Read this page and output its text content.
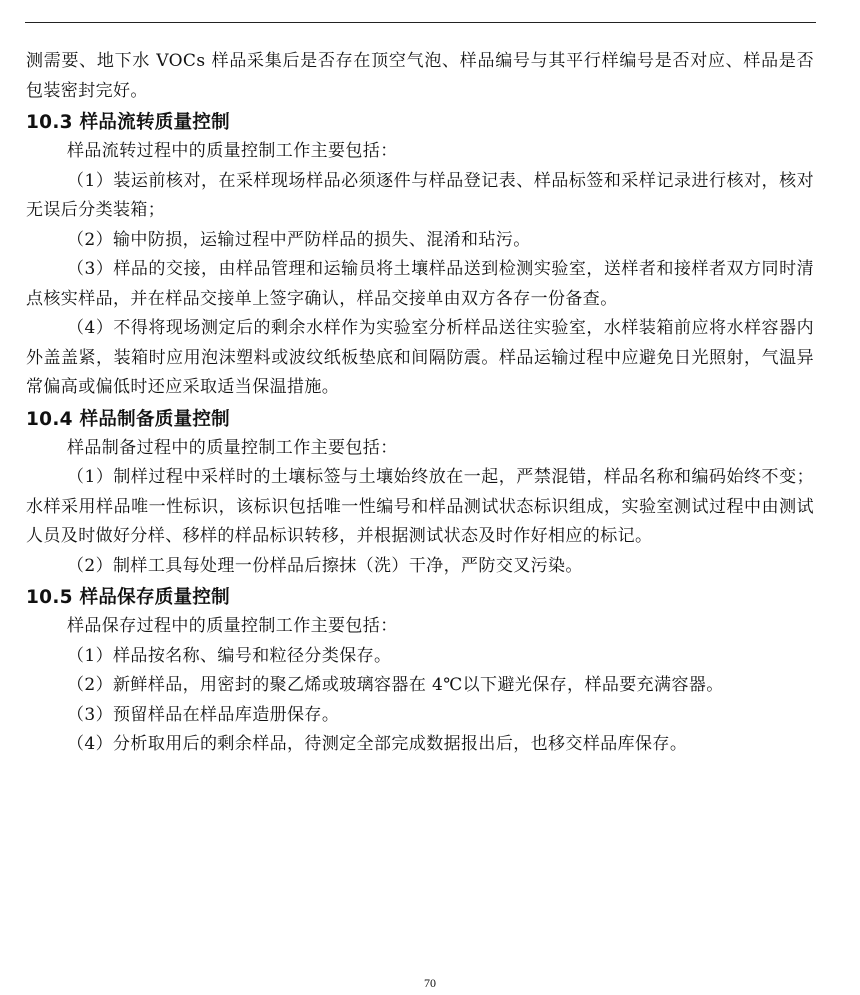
测需要、地下水 VOCs 样品采集后是否存在顶空气泡、样品编号与其平行样编号是否对应、样品是否包装密封完好。

10.3 样品流转质量控制

样品流转过程中的质量控制工作主要包括：

（1）装运前核对，在采样现场样品必须逐件与样品登记表、样品标签和采样记录进行核对，核对无误后分类装箱；

（2）输中防损，运输过程中严防样品的损失、混淆和玷污。

（3）样品的交接，由样品管理和运输员将土壤样品送到检测实验室，送样者和接样者双方同时清点核实样品，并在样品交接单上签字确认，样品交接单由双方各存一份备查。

（4）不得将现场测定后的剩余水样作为实验室分析样品送往实验室，水样装箱前应将水样容器内外盖盖紧，装箱时应用泡沫塑料或波纹纸板垫底和间隔防震。样品运输过程中应避免日光照射，气温异常偏高或偏低时还应采取适当保温措施。

10.4 样品制备质量控制

样品制备过程中的质量控制工作主要包括：

（1）制样过程中采样时的土壤标签与土壤始终放在一起，严禁混错，样品名称和编码始终不变；水样采用样品唯一性标识，该标识包括唯一性编号和样品测试状态标识组成，实验室测试过程中由测试人员及时做好分样、移样的样品标识转移，并根据测试状态及时作好相应的标记。

（2）制样工具每处理一份样品后擦抹（洗）干净，严防交叉污染。

10.5 样品保存质量控制

样品保存过程中的质量控制工作主要包括：

（1）样品按名称、编号和粒径分类保存。

（2）新鲜样品，用密封的聚乙烯或玻璃容器在 4℃以下避光保存，样品要充满容器。

（3）预留样品在样品库造册保存。

（4）分析取用后的剩余样品，待测定全部完成数据报出后，也移交样品库保存。

70
